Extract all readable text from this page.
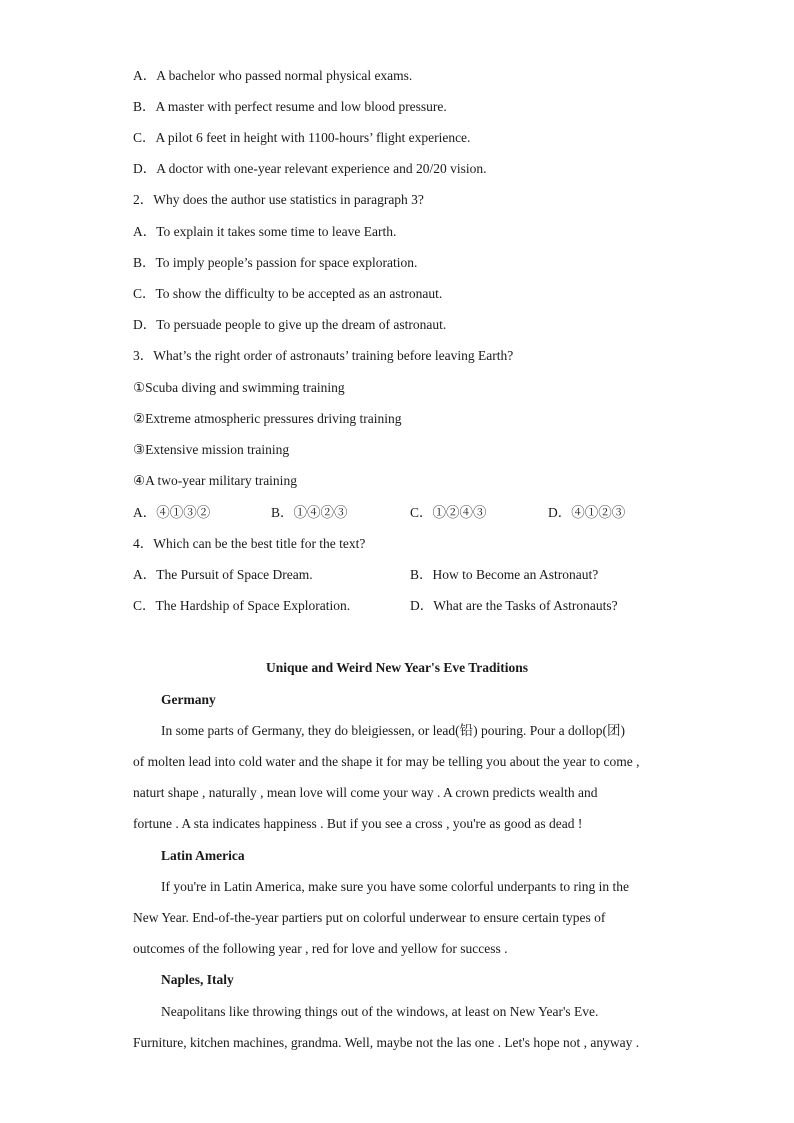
A．A bachelor who passed normal physical exams.
B．A master with perfect resume and low blood pressure.
C．A pilot 6 feet in height with 1100-hours’ flight experience.
D．A doctor with one-year relevant experience and 20/20 vision.
2．Why does the author use statistics in paragraph 3?
A．To explain it takes some time to leave Earth.
B．To imply people’s passion for space exploration.
C．To show the difficulty to be accepted as an astronaut.
D．To persuade people to give up the dream of astronaut.
3．What’s the right order of astronauts’ training before leaving Earth?
①Scuba diving and swimming training
②Extreme atmospheric pressures driving training
③Extensive mission training
④A two-year military training
A．④①③②	B．①④②③	C．①②④③	D．④①②③
4．Which can be the best title for the text?
A．The Pursuit of Space Dream.	B．How to Become an Astronaut?
C．The Hardship of Space Exploration.	D．What are the Tasks of Astronauts?
Unique and Weird New Year's Eve Traditions
Germany
In some parts of Germany, they do bleigiessen, or lead(铅) pouring. Pour a dollop(团)
of molten lead into cold water and the shape it for may be telling you about the year to come ,
naturt shape , naturally , mean love will come your way . A crown predicts wealth and
fortune . A sta indicates happiness . But if you see a cross , you're as good as dead !
Latin America
If you're in Latin America, make sure you have some colorful underpants to ring in the
New Year. End-of-the-year partiers put on colorful underwear to ensure certain types of
outcomes of the following year , red for love and yellow for success .
Naples, Italy
Neapolitans like throwing things out of the windows, at least on New Year's Eve.
Furniture, kitchen machines, grandma. Well, maybe not the las one . Let's hope not , anyway .
